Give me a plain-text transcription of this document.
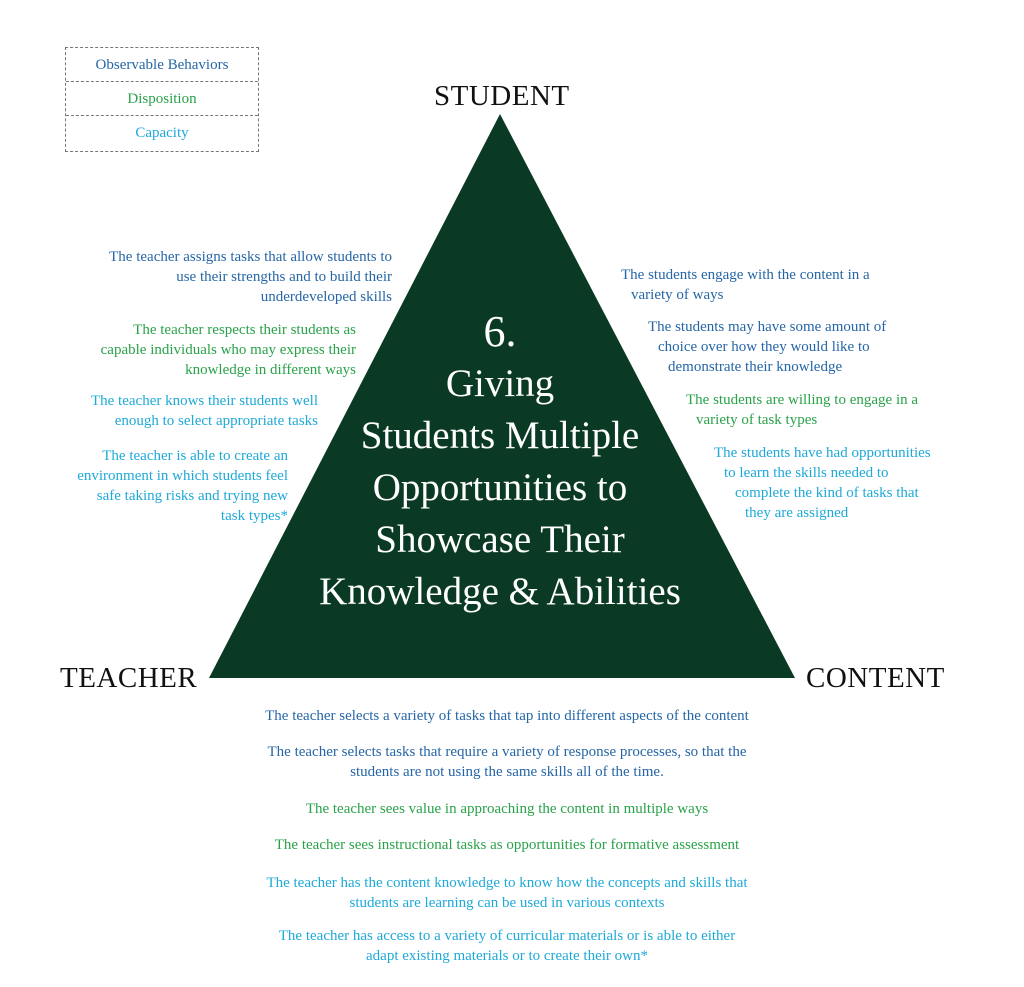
Observable Behaviors
Disposition
Capacity
STUDENT
TEACHER	CONTENT
6.
Giving
Students Multiple
Opportunities to
Showcase Their
Knowledge & Abilities
The teacher assigns tasks that allow students to
use their strengths and to build their
underdeveloped skills
The teacher respects their students as
capable individuals who may express their
knowledge in different ways
The teacher knows their students well
enough to select appropriate tasks
The teacher is able to create an
environment in which students feel
safe taking risks and trying new
task types*
The students engage with the content in a
variety of ways
The students may have some amount of
choice over how they would like to
demonstrate their knowledge
The students are willing to engage in a
variety of task types
The students have had opportunities
to learn the skills needed to
complete the kind of tasks that
they are assigned
The teacher selects a variety of tasks that tap into different aspects of the content
The teacher selects tasks that require a variety of response processes, so that the
students are not using the same skills all of the time.
The teacher sees value in approaching the content in multiple ways
The teacher sees instructional tasks as opportunities for formative assessment
The teacher has the content knowledge to know how the concepts and skills that
students are learning can be used in various contexts
The teacher has access to a variety of curricular materials or is able to either
adapt existing materials or to create their own*
